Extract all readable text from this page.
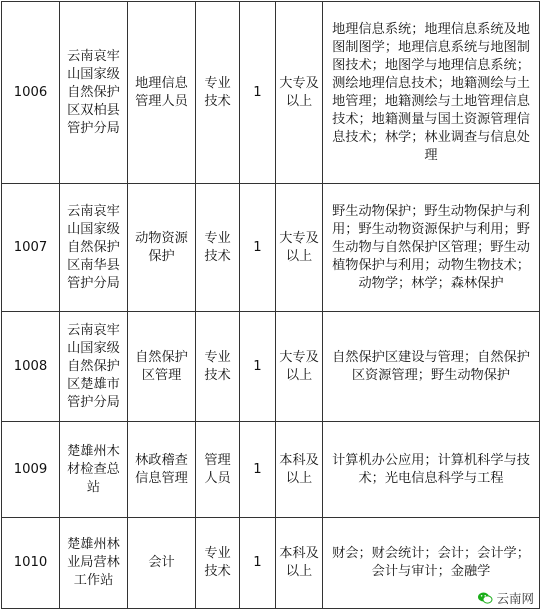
1006	云南哀牢山国家级自然保护区双柏县管护分局	地理信息管理人员	专业技术	1	大专及以上	地理信息系统；地理信息系统及地图制图学；地理信息系统与地图制图技术；地图学与地理信息系统；测绘地理信息技术；地籍测绘与土地管理；地籍测绘与土地管理信息技术；地籍测量与国土资源管理信息技术；林学；林业调查与信息处理
1007	云南哀牢山国家级自然保护区南华县管护分局	动物资源保护	专业技术	1	大专及以上	野生动物保护；野生动物保护与利用；野生动物资源保护与利用；野生动物与自然保护区管理；野生动植物保护与利用；动物生物技术；动物学；林学；森林保护
1008	云南哀牢山国家级自然保护区楚雄市管护分局	自然保护区管理	专业技术	1	大专及以上	自然保护区建设与管理；自然保护区资源管理；野生动物保护
1009	楚雄州木材检查总站	林政稽查信息管理	管理人员	1	本科及以上	计算机办公应用；计算机科学与技术；光电信息科学与工程
1010	楚雄州林业局营林工作站	会计	专业技术	1	本科及以上	财会；财会统计；会计；会计学；会计与审计；金融学
云南网
